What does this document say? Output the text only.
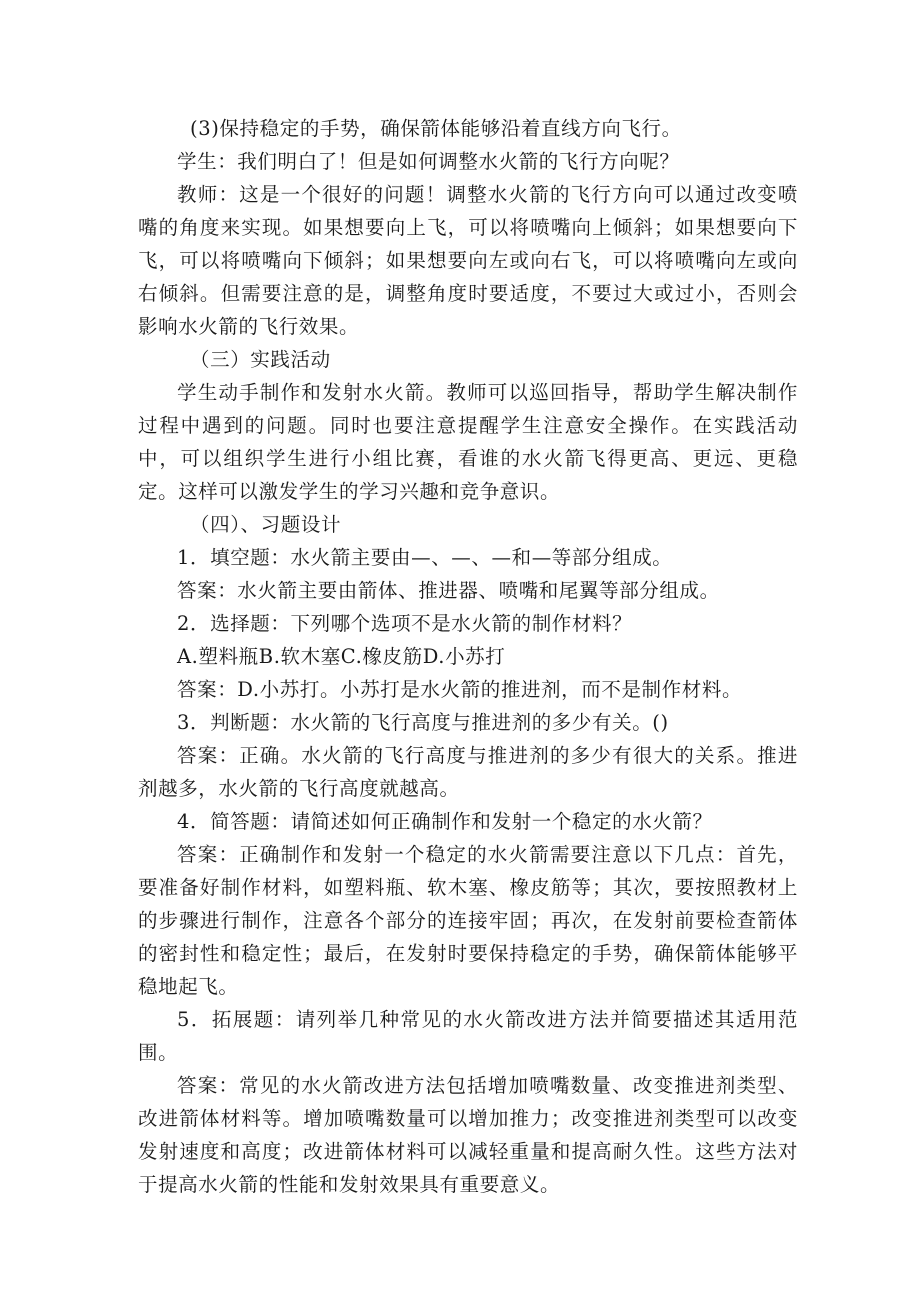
(3)保持稳定的手势，确保箭体能够沿着直线方向飞行。

学生：我们明白了！但是如何调整水火箭的飞行方向呢？

教师：这是一个很好的问题！调整水火箭的飞行方向可以通过改变喷嘴的角度来实现。如果想要向上飞，可以将喷嘴向上倾斜；如果想要向下飞，可以将喷嘴向下倾斜；如果想要向左或向右飞，可以将喷嘴向左或向右倾斜。但需要注意的是，调整角度时要适度，不要过大或过小，否则会影响水火箭的飞行效果。

（三）实践活动

学生动手制作和发射水火箭。教师可以巡回指导，帮助学生解决制作过程中遇到的问题。同时也要注意提醒学生注意安全操作。在实践活动中，可以组织学生进行小组比赛，看谁的水火箭飞得更高、更远、更稳定。这样可以激发学生的学习兴趣和竞争意识。

（四）、习题设计

1．填空题：水火箭主要由—、—、—和—等部分组成。

答案：水火箭主要由箭体、推进器、喷嘴和尾翼等部分组成。

2．选择题：下列哪个选项不是水火箭的制作材料？

A.塑料瓶B.软木塞C.橡皮筋D.小苏打

答案：D.小苏打。小苏打是水火箭的推进剂，而不是制作材料。

3．判断题：水火箭的飞行高度与推进剂的多少有关。()

答案：正确。水火箭的飞行高度与推进剂的多少有很大的关系。推进剂越多，水火箭的飞行高度就越高。

4．简答题：请简述如何正确制作和发射一个稳定的水火箭？

答案：正确制作和发射一个稳定的水火箭需要注意以下几点：首先，要准备好制作材料，如塑料瓶、软木塞、橡皮筋等；其次，要按照教材上的步骤进行制作，注意各个部分的连接牢固；再次，在发射前要检查箭体的密封性和稳定性；最后，在发射时要保持稳定的手势，确保箭体能够平稳地起飞。

5．拓展题：请列举几种常见的水火箭改进方法并简要描述其适用范围。

答案：常见的水火箭改进方法包括增加喷嘴数量、改变推进剂类型、改进箭体材料等。增加喷嘴数量可以增加推力；改变推进剂类型可以改变发射速度和高度；改进箭体材料可以减轻重量和提高耐久性。这些方法对于提高水火箭的性能和发射效果具有重要意义。
